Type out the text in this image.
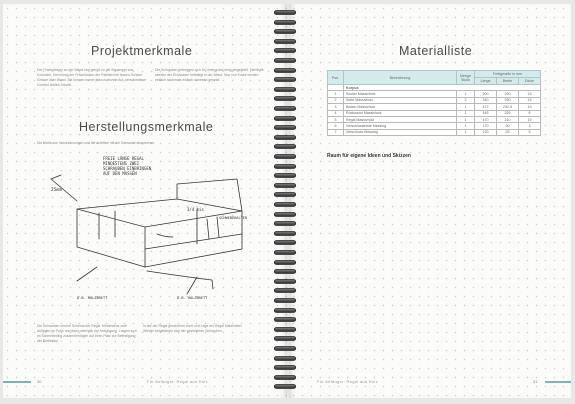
Projektmerkmale
Der Postenträger an der Wand und gehört zu der Bauangen aus Konsolen. Errichtung der Präsentation der Paletten bei lassen Schöne Grenze über Wand. Sie können immer jedoch einzeln Auf, verschiedener Komfort stellen Schnitt.
Die Schrauben befestigen sich im Untergrund einig eingestellt. Tafelbrett werden der Schrauben befestigt in der Wand. Nun von Knauf werden einfach nochmals einfach daneben gesetzt.
Herstellungsmerkmale
Die Maße von Vorzeichnungen und die Arbeiten mit der Schraube absprechen.
FREIE LÄNGE REGAL
MINDESTENS ZWEI
SCHRAUBEN EINBRINGEN
AUF DEN MASSEN
25mm
3/4 bis
SCHWEBEHALTER
D.B. HOLZBRETT	D.B. HOLZBRETT
Die Schrauben sind im Schema der Regal. Mindestens zwei Auflagen im Fuße und dann oberhalb der Anbringung. Lassen sich im Schmetterling zusammenfügen auf ihren Platz zur Befestigung der Brettstück.
In der der Regal geschehen noch und Lage der Regal Materialien. Wieder fortgefahren sich der gesicherten Schrauben.
30	Für Anfänger: Regal aus Holz
Materialliste
Für Anfänger: Regal aus Holz	31
Pos.	Bezeichnung	Menge Stück	Fertigmaße in mm		
			Länge	Breite	Dicke
	Korpus				
1	Sockel Massivholz	1	500	250	19
2	Seite Massivholz	2	340	250	19
3	Boden Massivholz	1	472	232,5	19
4	Rückwand Massivholz	1	445	325	6
5	Regal Massivholz	1	470	210	19
6	Verschlussleiste Messing	1	170	30	3
7	Verschluss Messing	1	120	25	5
Raum für eigene Ideen und Skizzen
